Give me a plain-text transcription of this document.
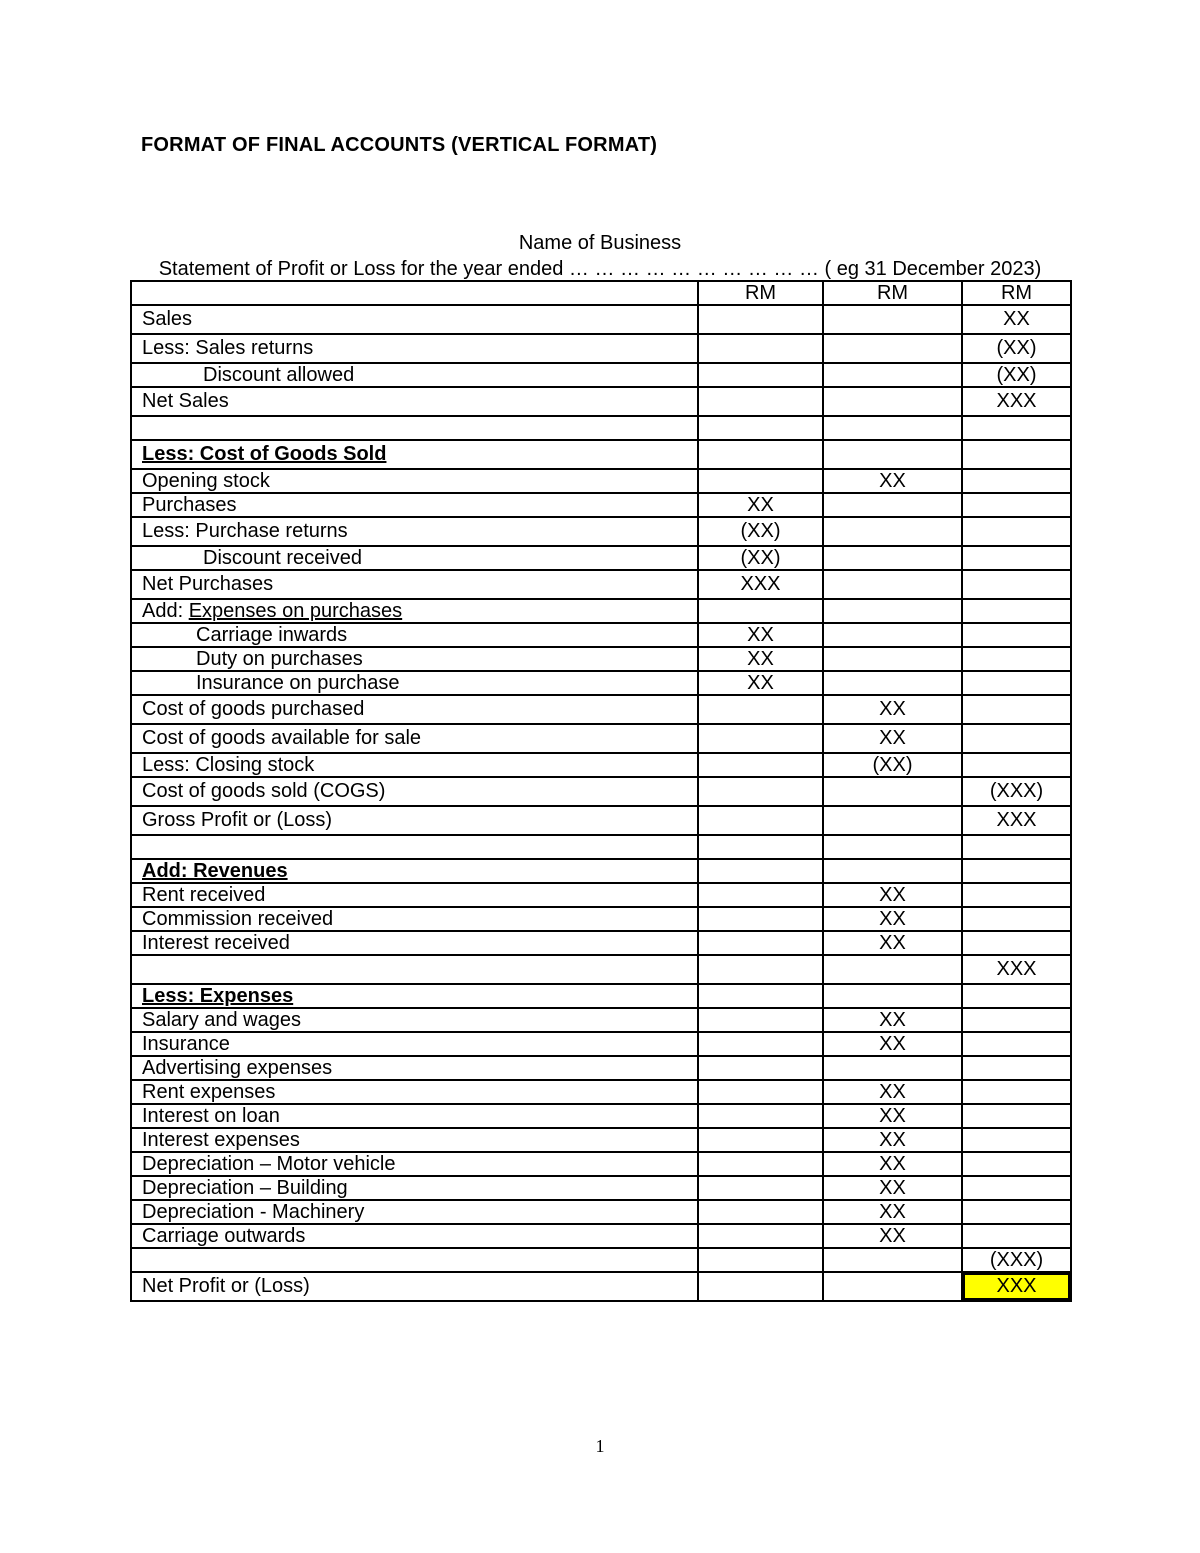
FORMAT OF FINAL ACCOUNTS (VERTICAL FORMAT)
Name of Business
Statement of Profit or Loss for the year ended … … … … … … … … … … ( eg 31 December 2023)
	RM	RM	RM
Sales			XX
Less: Sales returns			(XX)
Discount allowed			(XX)
Net Sales			XXX

Less: Cost of Goods Sold			
Opening stock		XX	
Purchases	XX		
Less: Purchase returns	(XX)		
Discount received	(XX)		
Net Purchases	XXX		
Add: Expenses on purchases			
Carriage inwards	XX		
Duty on purchases	XX		
Insurance on purchase	XX		
Cost of goods purchased		XX	
Cost of goods available for sale		XX	
Less: Closing stock		(XX)	
Cost of goods sold (COGS)			(XXX)
Gross Profit or (Loss)			XXX

Add: Revenues			
Rent received		XX	
Commission received		XX	
Interest received		XX	
			XXX
Less: Expenses			
Salary and wages		XX	
Insurance		XX	
Advertising expenses			
Rent expenses		XX	
Interest on loan		XX	
Interest expenses		XX	
Depreciation – Motor vehicle		XX	
Depreciation – Building		XX	
Depreciation - Machinery		XX	
Carriage outwards		XX	
			(XXX)
Net Profit or (Loss)			XXX
1
